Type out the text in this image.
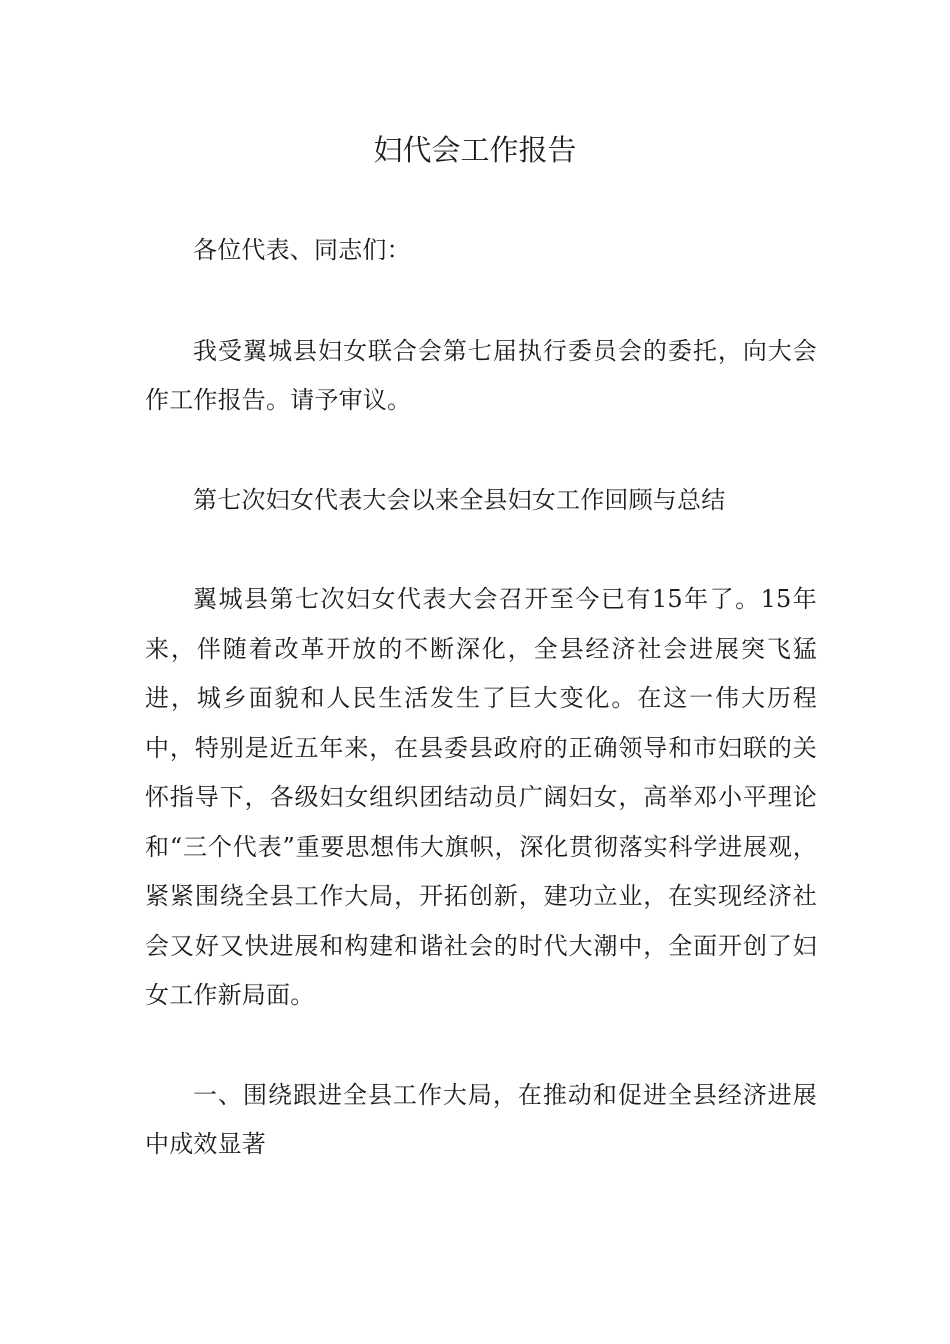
妇代会工作报告

各位代表、同志们：

我受翼城县妇女联合会第七届执行委员会的委托，向大会作工作报告。请予审议。

第七次妇女代表大会以来全县妇女工作回顾与总结

翼城县第七次妇女代表大会召开至今已有15年了。15年来，伴随着改革开放的不断深化，全县经济社会进展突飞猛进，城乡面貌和人民生活发生了巨大变化。在这一伟大历程中，特别是近五年来，在县委县政府的正确领导和市妇联的关怀指导下，各级妇女组织团结动员广阔妇女，高举邓小平理论和“三个代表”重要思想伟大旗帜，深化贯彻落实科学进展观，紧紧围绕全县工作大局，开拓创新，建功立业，在实现经济社会又好又快进展和构建和谐社会的时代大潮中，全面开创了妇女工作新局面。

一、围绕跟进全县工作大局，在推动和促进全县经济进展中成效显著
